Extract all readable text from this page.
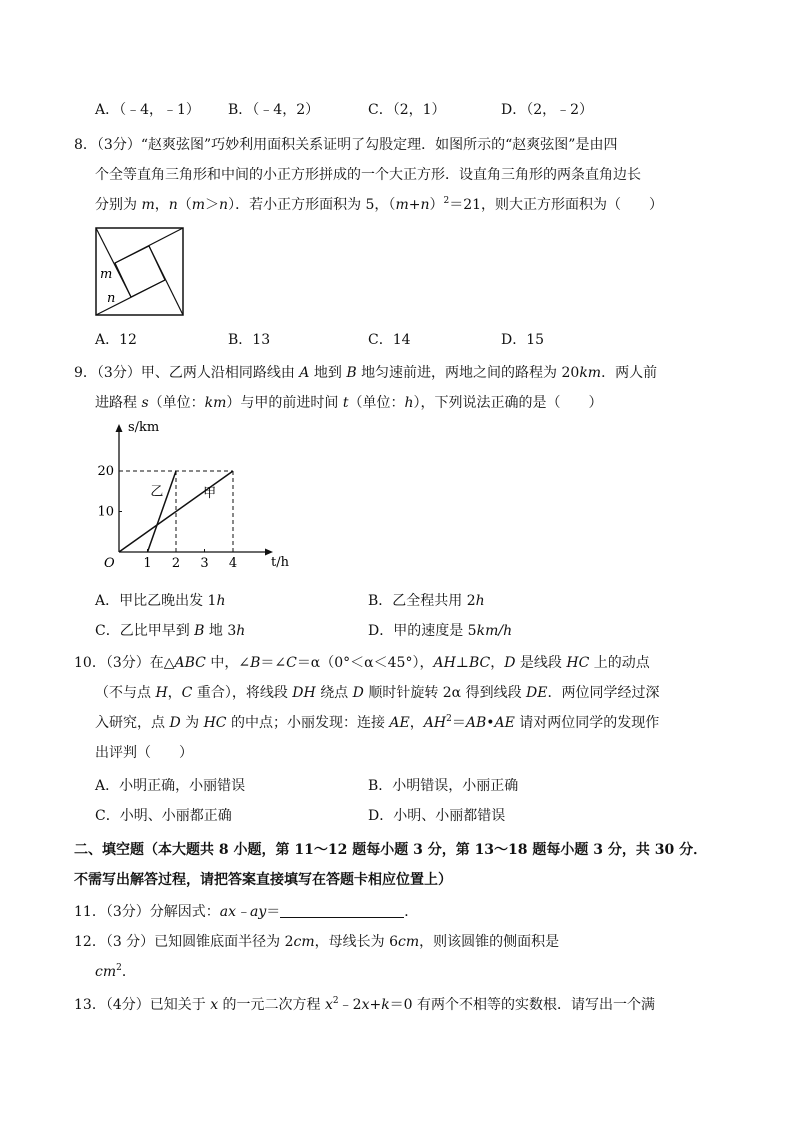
A．（﹣4，﹣1） B．（﹣4，2）	C．（2，1）	D．（2，﹣2）
8．（3分）“赵爽弦图”巧妙利用面积关系证明了勾股定理．如图所示的“赵爽弦图”是由四
个全等直角三角形和中间的小正方形拼成的一个大正方形．设直角三角形的两条直角边长
分别为 m，n（m＞n）．若小正方形面积为 5，$(m+n)^2=21$，则大正方形面积为（　　）
m
n
A．12	B．13	C．14	D．15
9．（3分）甲、乙两人沿相同路线由 A 地到 B 地匀速前进，两地之间的路程为 20km．两人前
进路程 s（单位：km）与甲的前进时间 t（单位：h），下列说法正确的是（　　）
1 2 3 4
10
20
乙	甲
s/km
t/h
O
A．甲比乙晚出发 1h	B．乙全程共用 2h
C．乙比甲早到 B 地 3h	D．甲的速度是 5km/h
10．（3分）在△ABC 中，∠B＝∠C＝α（0°＜α＜45°），AH⊥BC，D 是线段 HC 上的动点
（不与点 H，C 重合），将线段 DH 绕点 D 顺时针旋转 2α 得到线段 DE．两位同学经过深
入研究，点 D 为 HC 的中点；小丽发现：连接 AE，$AH^2=AB•AE$ 请对两位同学的发现作
出评判（　　）
A．小明正确，小丽错误	B．小明错误，小丽正确
C．小明、小丽都正确	D．小明、小丽都错误
二、填空题（本大题共 8 小题，第 11～12 题每小题 3 分，第 13～18 题每小题 3 分，共 30 分．
不需写出解答过程，请把答案直接填写在答题卡相应位置上）
11．（3分）分解因式：ax﹣ay＝	．
12．（3 分）已知圆锥底面半径为 2cm，母线长为 6cm，则该圆锥的侧面积是
$cm^2$．
13．（4分）已知关于 x 的一元二次方程 $x^2﹣2x+k=0$ 有两个不相等的实数根．请写出一个满
